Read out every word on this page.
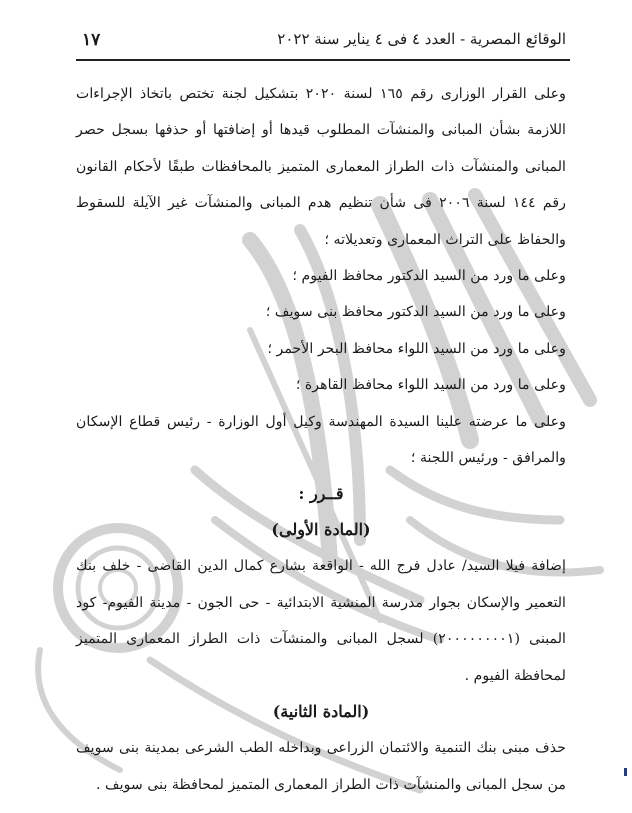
الوقائع المصرية - العدد ٤ فى ٤ يناير سنة ٢٠٢٢
١٧

وعلى القرار الوزارى رقم ١٦٥ لسنة ٢٠٢٠ بتشكيل لجنة تختص باتخاذ الإجراءات اللازمة بشأن المبانى والمنشآت المطلوب قيدها أو إضافتها أو حذفها بسجل حصر المبانى والمنشآت ذات الطراز المعمارى المتميز بالمحافظات طبقًا لأحكام القانون رقم ١٤٤ لسنة ٢٠٠٦ فى شأن تنظيم هدم المبانى والمنشآت غير الآيلة للسقوط والحفاظ على التراث المعمارى وتعديلاته ؛

وعلى ما ورد من السيد الدكتور محافظ الفيوم ؛

وعلى ما ورد من السيد الدكتور محافظ بنى سويف ؛

وعلى ما ورد من السيد اللواء محافظ البحر الأحمر ؛

وعلى ما ورد من السيد اللواء محافظ القاهرة ؛

وعلى ما عرضته علينا السيدة المهندسة وكيل أول الوزارة - رئيس قطاع الإسكان والمرافق - ورئيس اللجنة ؛

قــرر :

(المادة الأولى)

إضافة فيلا السيد/ عادل فرج الله - الواقعة بشارع كمال الدين القاضى - خلف بنك التعمير والإسكان بجوار مدرسة المنشية الابتدائية - حى الجون - مدينة الفيوم- كود المبنى (٢٠٠٠٠٠٠٠٠١) لسجل المبانى والمنشآت ذات الطراز المعمارى المتميز لمحافظة الفيوم .

(المادة الثانية)

حذف مبنى بنك التنمية والائتمان الزراعى وبداخله الطب الشرعى بمدينة بنى سويف من سجل المبانى والمنشآت ذات الطراز المعمارى المتميز لمحافظة بنى سويف .
